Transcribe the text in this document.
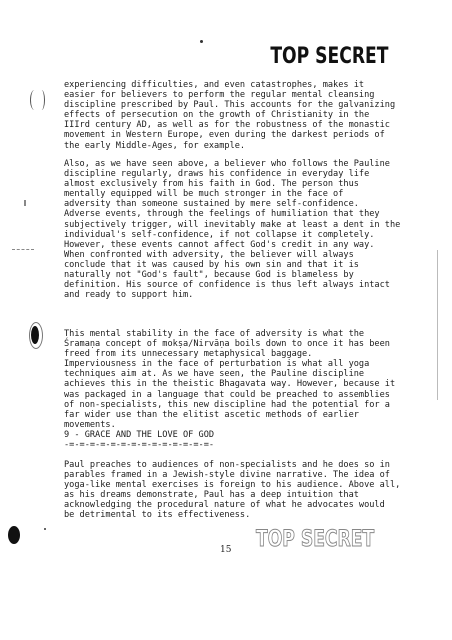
TOP SECRET
experiencing difficulties, and even catastrophes, makes it
easier for believers to perform the regular mental cleansing
discipline prescribed by Paul. This accounts for the galvanizing
effects of persecution on the growth of Christianity in the
IIIrd century AD, as well as for the robustness of the monastic
movement in Western Europe, even during the darkest periods of
the early Middle-Ages, for example.
Also, as we have seen above, a believer who follows the Pauline
discipline regularly, draws his confidence in everyday life
almost exclusively from his faith in God. The person thus
mentally equipped will be much stronger in the face of
adversity than someone sustained by mere self-confidence.
Adverse events, through the feelings of humiliation that they
subjectively trigger, will inevitably make at least a dent in the
individual's self-confidence, if not collapse it completely.
However, these events cannot affect God's credit in any way.
When confronted with adversity, the believer will always
conclude that it was caused by his own sin and that it is
naturally not "God's fault", because God is blameless by
definition. His source of confidence is thus left always intact
and ready to support him.
This mental stability in the face of adversity is what the
Śramaṇa concept of mokṣa/Nirvāṇa boils down to once it has been
freed from its unnecessary metaphysical baggage.
Imperviousness in the face of perturbation is what all yoga
techniques aim at. As we have seen, the Pauline discipline
achieves this in the theistic Bhagavata way. However, because it
was packaged in a language that could be preached to assemblies
of non-specialists, this new discipline had the potential for a
far wider use than the elitist ascetic methods of earlier
movements.
9 - GRACE AND THE LOVE OF GOD
-=-=-=-=-=-=-=-=-=-=-=-=-=-=-
Paul preaches to audiences of non-specialists and he does so in
parables framed in a Jewish-style divine narrative. The idea of
yoga-like mental exercises is foreign to his audience. Above all,
as his dreams demonstrate, Paul has a deep intuition that
acknowledging the procedural nature of what he advocates would
be detrimental to its effectiveness.
15 TOP SECRET
